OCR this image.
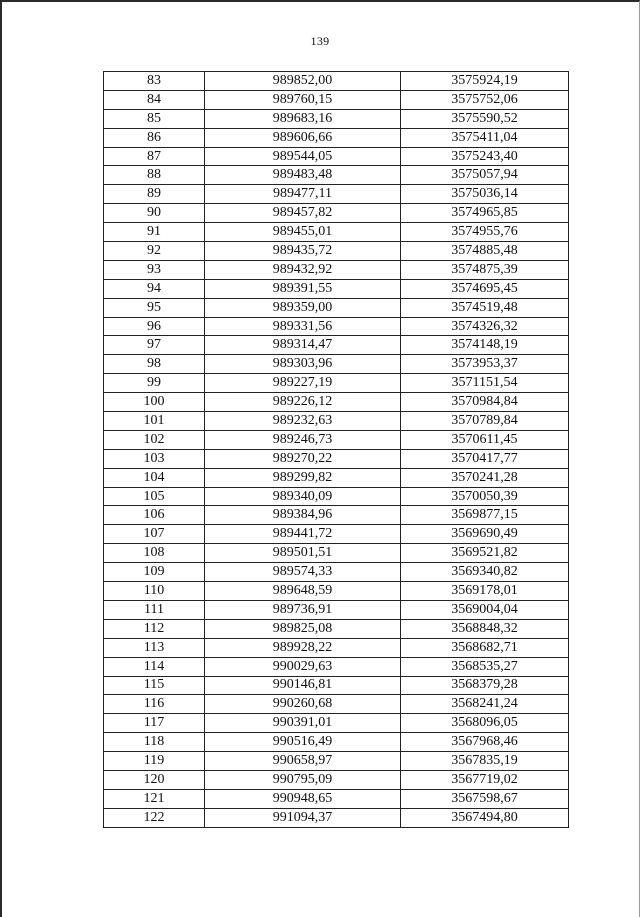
139
83	989852,00	3575924,19
84	989760,15	3575752,06
85	989683,16	3575590,52
86	989606,66	3575411,04
87	989544,05	3575243,40
88	989483,48	3575057,94
89	989477,11	3575036,14
90	989457,82	3574965,85
91	989455,01	3574955,76
92	989435,72	3574885,48
93	989432,92	3574875,39
94	989391,55	3574695,45
95	989359,00	3574519,48
96	989331,56	3574326,32
97	989314,47	3574148,19
98	989303,96	3573953,37
99	989227,19	3571151,54
100	989226,12	3570984,84
101	989232,63	3570789,84
102	989246,73	3570611,45
103	989270,22	3570417,77
104	989299,82	3570241,28
105	989340,09	3570050,39
106	989384,96	3569877,15
107	989441,72	3569690,49
108	989501,51	3569521,82
109	989574,33	3569340,82
110	989648,59	3569178,01
111	989736,91	3569004,04
112	989825,08	3568848,32
113	989928,22	3568682,71
114	990029,63	3568535,27
115	990146,81	3568379,28
116	990260,68	3568241,24
117	990391,01	3568096,05
118	990516,49	3567968,46
119	990658,97	3567835,19
120	990795,09	3567719,02
121	990948,65	3567598,67
122	991094,37	3567494,80
